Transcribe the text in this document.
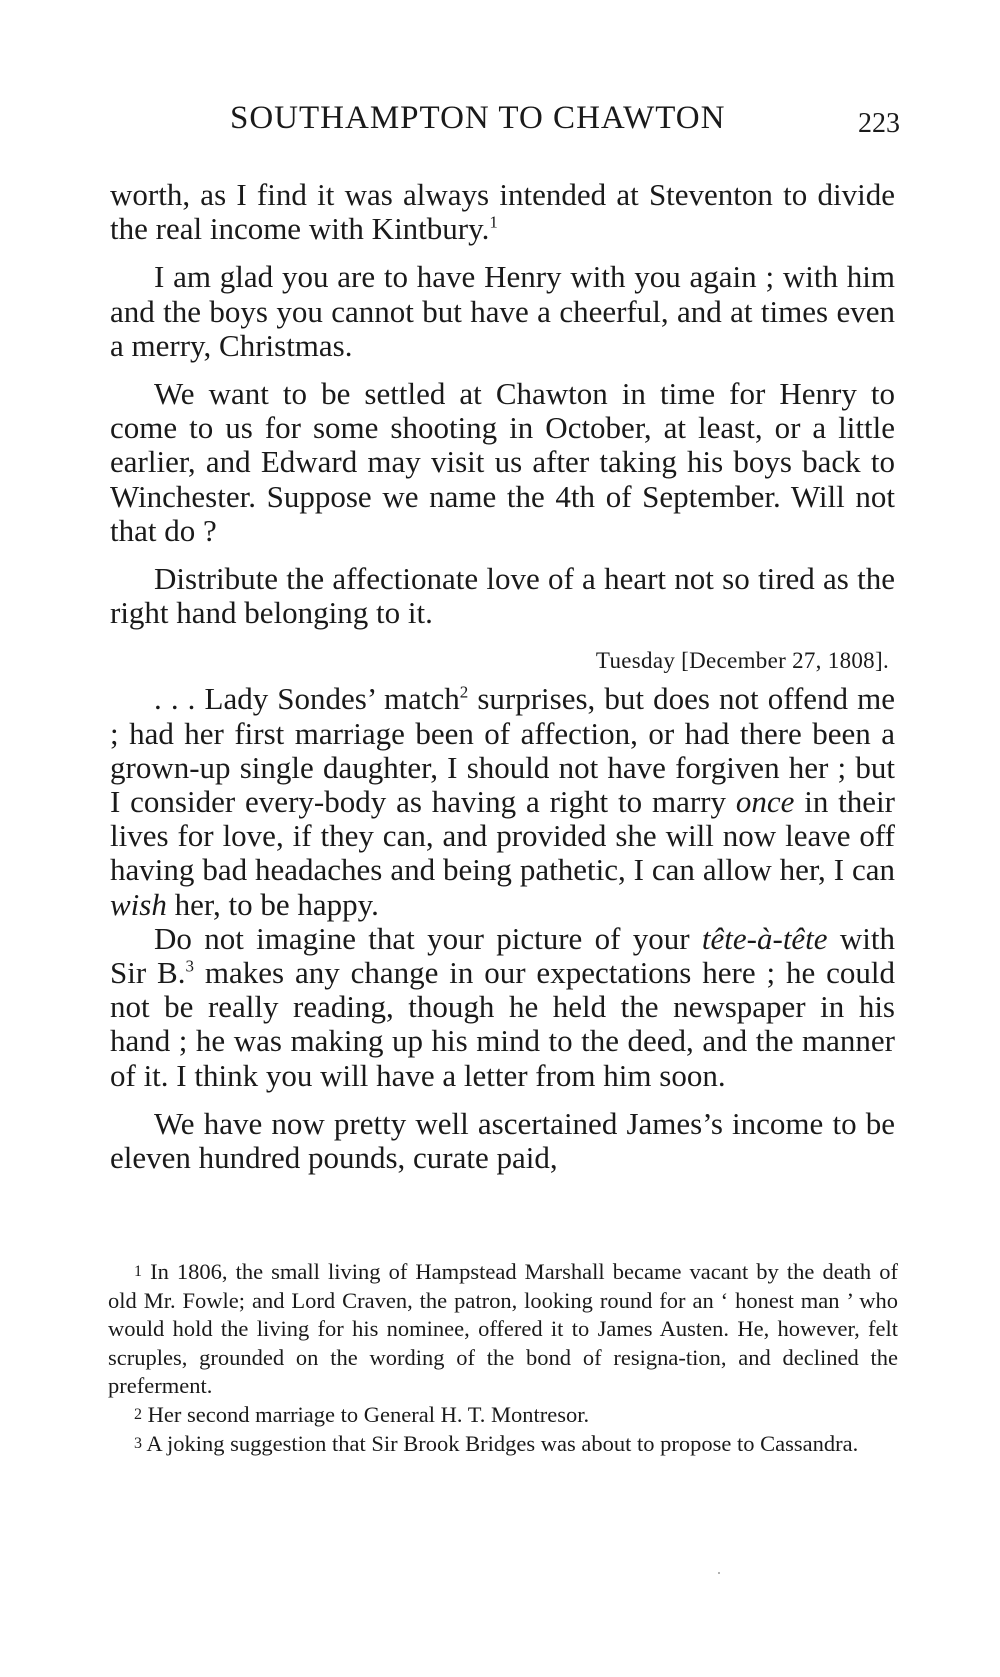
SOUTHAMPTON TO CHAWTON	223

worth, as I find it was always intended at Steventon to divide the real income with Kintbury.$^1$

I am glad you are to have Henry with you again ; with him and the boys you cannot but have a cheerful, and at times even a merry, Christmas.

We want to be settled at Chawton in time for Henry to come to us for some shooting in October, at least, or a little earlier, and Edward may visit us after taking his boys back to Winchester. Suppose we name the 4th of September. Will not that do ?

Distribute the affectionate love of a heart not so tired as the right hand belonging to it.

Tuesday [December 27, 1808].

. . . Lady Sondes’ match$^2$ surprises, but does not offend me ; had her first marriage been of affection, or had there been a grown-up single daughter, I should not have forgiven her ; but I consider every-body as having a right to marry once in their lives for love, if they can, and provided she will now leave off having bad headaches and being pathetic, I can allow her, I can wish her, to be happy.

Do not imagine that your picture of your tête-à-tête with Sir B.$^3$ makes any change in our expectations here ; he could not be really reading, though he held the newspaper in his hand ; he was making up his mind to the deed, and the manner of it. I think you will have a letter from him soon.

We have now pretty well ascertained James’s income to be eleven hundred pounds, curate paid,

1 In 1806, the small living of Hampstead Marshall became vacant by the death of old Mr. Fowle; and Lord Craven, the patron, looking round for an ‘ honest man ’ who would hold the living for his nominee, offered it to James Austen. He, however, felt scruples, grounded on the wording of the bond of resigna-tion, and declined the preferment.

2 Her second marriage to General H. T. Montresor.

3 A joking suggestion that Sir Brook Bridges was about to propose to Cassandra.
